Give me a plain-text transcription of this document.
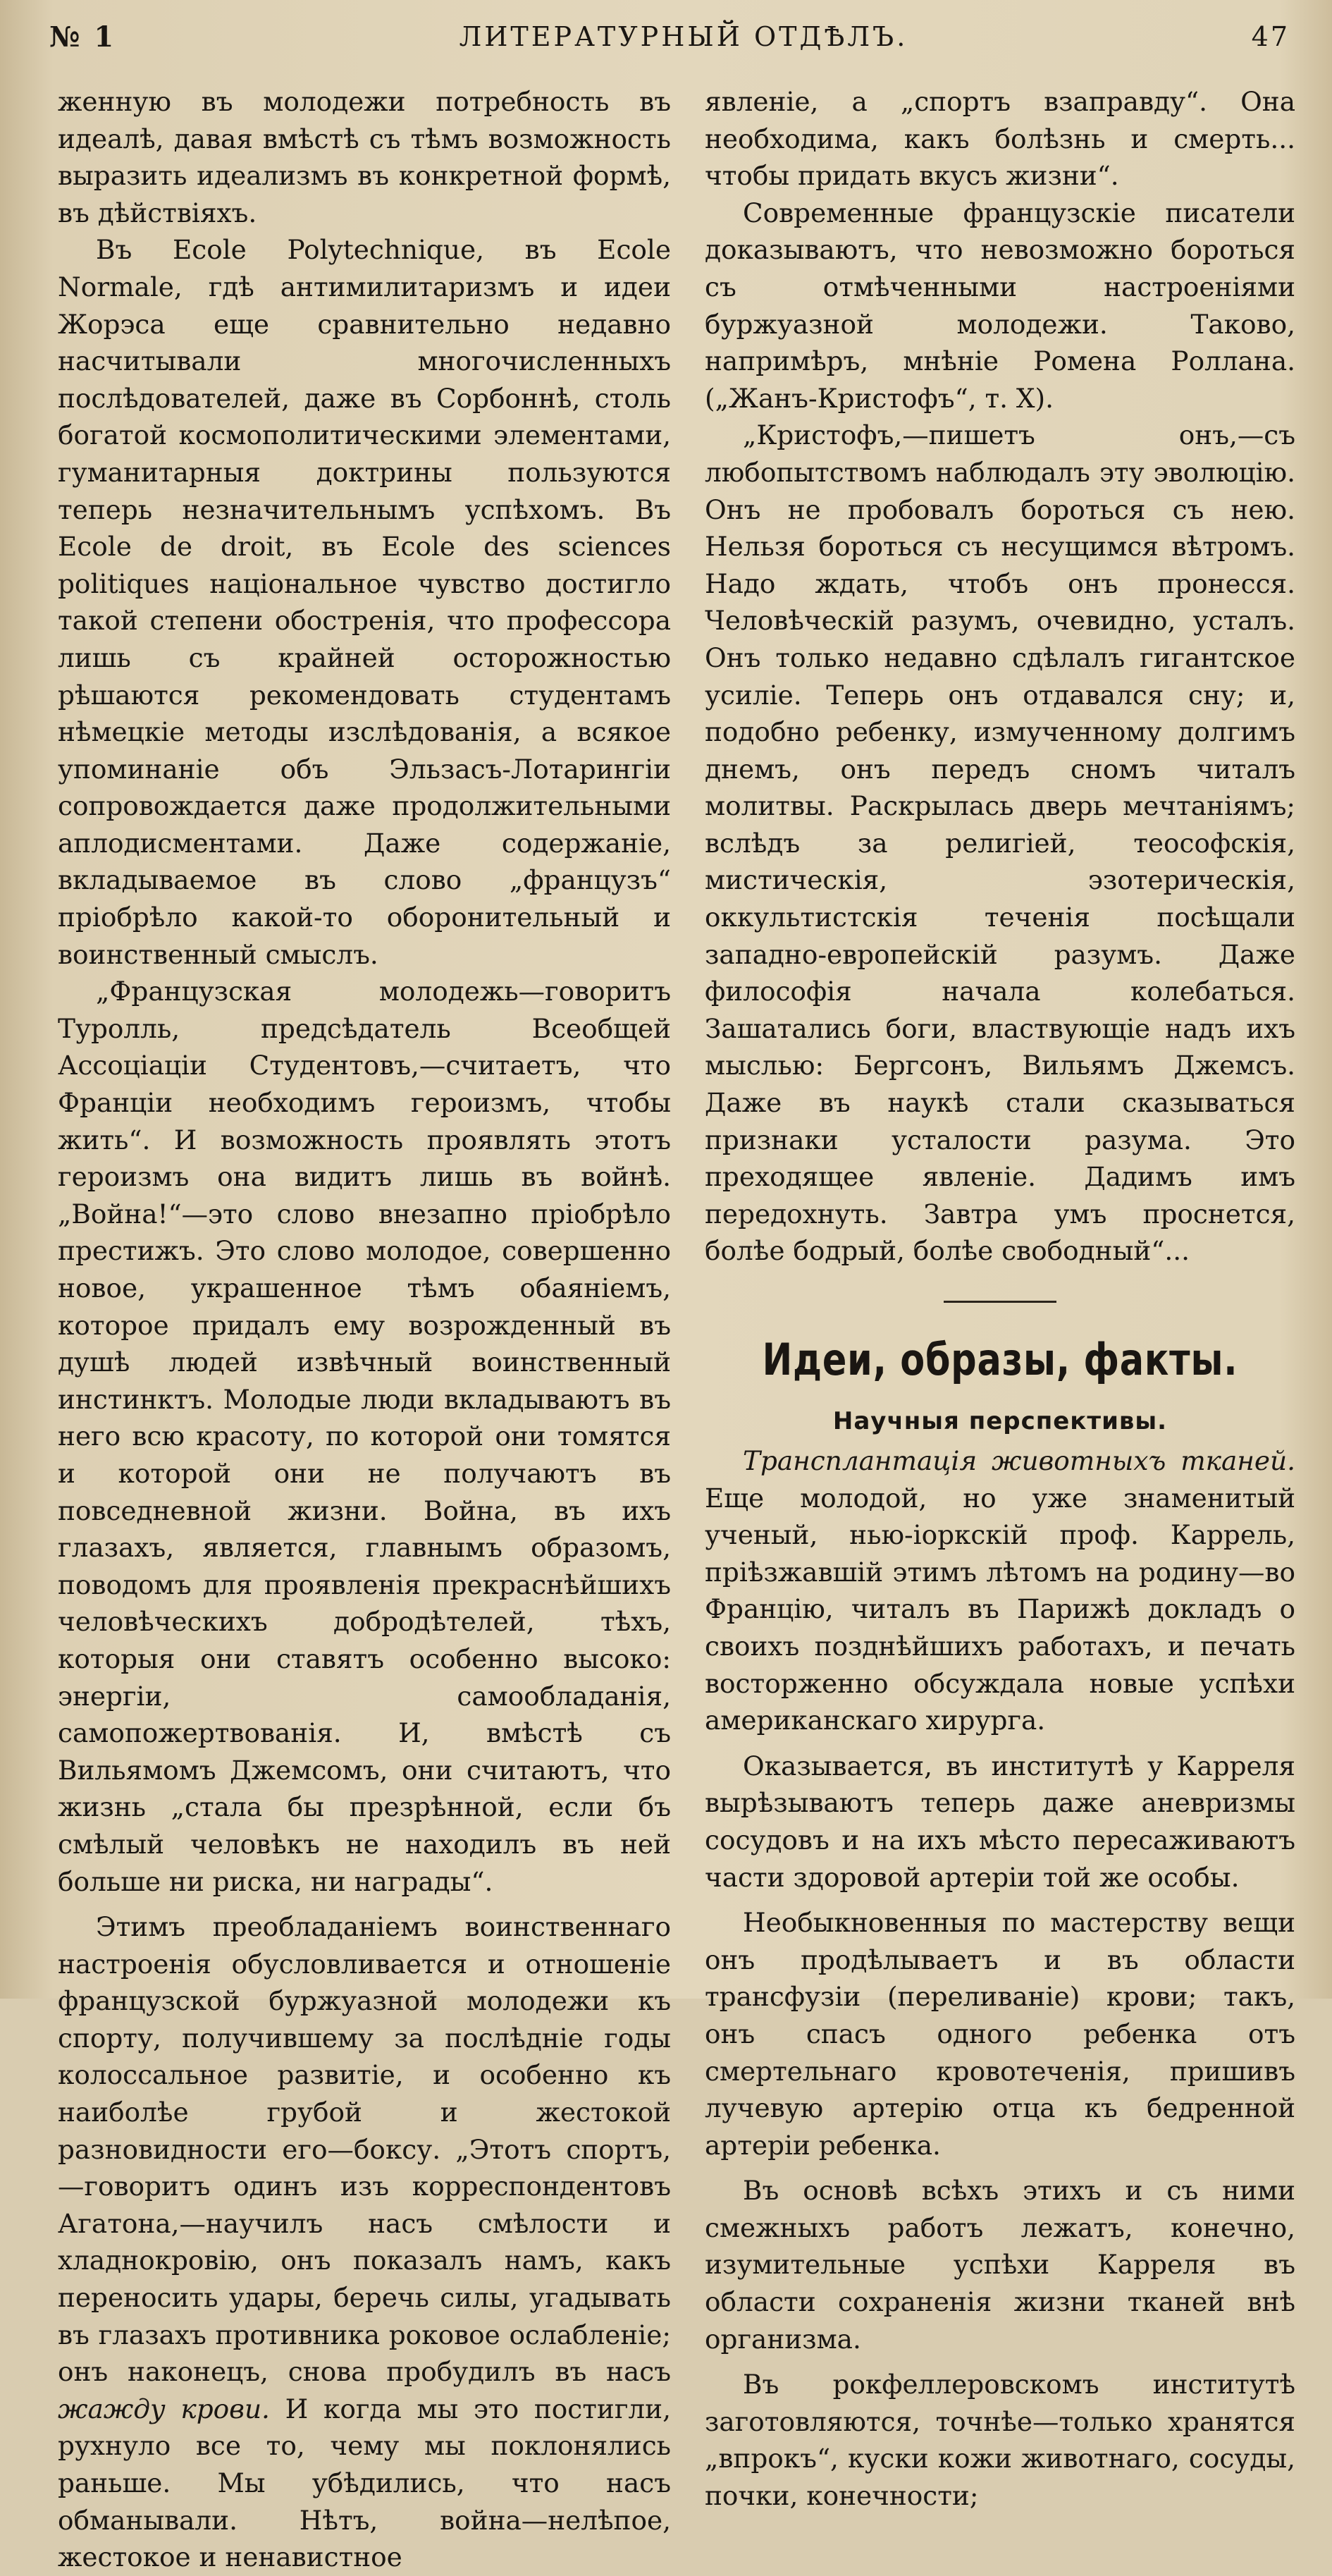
№ 1	ЛИТЕРАТУРНЫЙ ОТДѢЛЪ.	47

женную въ молодежи потребность въ идеалѣ, давая вмѣстѣ съ тѣмъ возможность выразить идеализмъ въ конкретной формѣ, въ дѣйствіяхъ.

Въ Ecole Polytechnique, въ Ecole Normale, гдѣ антимилитаризмъ и идеи Жорэса еще сравнительно недавно насчитывали многочисленныхъ послѣдователей, даже въ Сорбоннѣ, столь богатой космополитическими элементами, гуманитарныя доктрины пользуются теперь незначительнымъ успѣхомъ. Въ Ecole de droit, въ Ecole des sciences politiques національное чувство достигло такой степени обостренія, что профессора лишь съ крайней осторожностью рѣшаются рекомендовать студентамъ нѣмецкіе методы изслѣдованія, а всякое упоминаніе объ Эльзасъ-Лотарингіи сопровождается даже продолжительными аплодисментами. Даже содержаніе, вкладываемое въ слово „французъ“ пріобрѣло какой-то оборонительный и воинственный смыслъ.

„Французская молодежь—говоритъ Туролль, предсѣдатель Всеобщей Ассоціаціи Студентовъ,—считаетъ, что Франціи необходимъ героизмъ, чтобы жить“. И возможность проявлять этотъ героизмъ она видитъ лишь въ войнѣ. „Война!“—это слово внезапно пріобрѣло престижъ. Это слово молодое, совершенно новое, украшенное тѣмъ обаяніемъ, которое придалъ ему возрожденный въ душѣ людей извѣчный воинственный инстинктъ. Молодые люди вкладываютъ въ него всю красоту, по которой они томятся и которой они не получаютъ въ повседневной жизни. Война, въ ихъ глазахъ, является, главнымъ образомъ, поводомъ для проявленія прекраснѣйшихъ человѣческихъ добродѣтелей, тѣхъ, которыя они ставятъ особенно высоко: энергіи, самообладанія, самопожертвованія. И, вмѣстѣ съ Вильямомъ Джемсомъ, они считаютъ, что жизнь „стала бы презрѣнной, если бъ смѣлый человѣкъ не находилъ въ ней больше ни риска, ни награды“.

Этимъ преобладаніемъ воинственнаго настроенія обусловливается и отношеніе французской буржуазной молодежи къ спорту, получившему за послѣдніе годы колоссальное развитіе, и особенно къ наиболѣе грубой и жестокой разновидности его—боксу. „Этотъ спортъ,—говоритъ одинъ изъ корреспондентовъ Агатона,—научилъ насъ смѣлости и хладнокровію, онъ показалъ намъ, какъ переносить удары, беречь силы, угадывать въ глазахъ противника роковое ослабленіе; онъ наконецъ, снова пробудилъ въ насъ жажду крови. И когда мы это постигли, рухнуло все то, чему мы поклонялись раньше. Мы убѣдились, что насъ обманывали. Нѣтъ, война—нелѣпое, жестокое и ненавистное

явленіе, а „спортъ взаправду“. Она необходима, какъ болѣзнь и смерть... чтобы придать вкусъ жизни“.

Современные французскіе писатели доказываютъ, что невозможно бороться съ отмѣченными настроеніями буржуазной молодежи. Таково, напримѣръ, мнѣніе Ромена Роллана. („Жанъ-Кристофъ“, т. X).

„Кристофъ,—пишетъ онъ,—съ любопытствомъ наблюдалъ эту эволюцію. Онъ не пробовалъ бороться съ нею. Нельзя бороться съ несущимся вѣтромъ. Надо ждать, чтобъ онъ пронесся. Человѣческій разумъ, очевидно, усталъ. Онъ только недавно сдѣлалъ гигантское усиліе. Теперь онъ отдавался сну; и, подобно ребенку, измученному долгимъ днемъ, онъ передъ сномъ читалъ молитвы. Раскрылась дверь мечтаніямъ; вслѣдъ за религіей, теософскія, мистическія, эзотерическія, оккультистскія теченія посѣщали западно-европейскій разумъ. Даже философія начала колебаться. Зашатались боги, властвующіе надъ ихъ мыслью: Бергсонъ, Вильямъ Джемсъ. Даже въ наукѣ стали сказываться признаки усталости разума. Это преходящее явленіе. Дадимъ имъ передохнуть. Завтра умъ проснется, болѣе бодрый, болѣе свободный“...

Идеи, образы, факты.
Научныя перспективы.

Трансплантація животныхъ тканей. Еще молодой, но уже знаменитый ученый, нью-іоркскій проф. Каррель, пріѣзжавшій этимъ лѣтомъ на родину—во Францію, читалъ въ Парижѣ докладъ о своихъ позднѣйшихъ работахъ, и печать восторженно обсуждала новые успѣхи американскаго хирурга.

Оказывается, въ институтѣ у Карреля вырѣзываютъ теперь даже аневризмы сосудовъ и на ихъ мѣсто пересаживаютъ части здоровой артеріи той же особы.

Необыкновенныя по мастерству вещи онъ продѣлываетъ и въ области трансфузіи (переливаніе) крови; такъ, онъ спасъ одного ребенка отъ смертельнаго кровотеченія, пришивъ лучевую артерію отца къ бедренной артеріи ребенка.

Въ основѣ всѣхъ этихъ и съ ними смежныхъ работъ лежатъ, конечно, изумительные успѣхи Карреля въ области сохраненія жизни тканей внѣ организма.

Въ рокфеллеровскомъ институтѣ заготовляются, точнѣе—только хранятся „впрокъ“, куски кожи животнаго, сосуды, почки, конечности;
